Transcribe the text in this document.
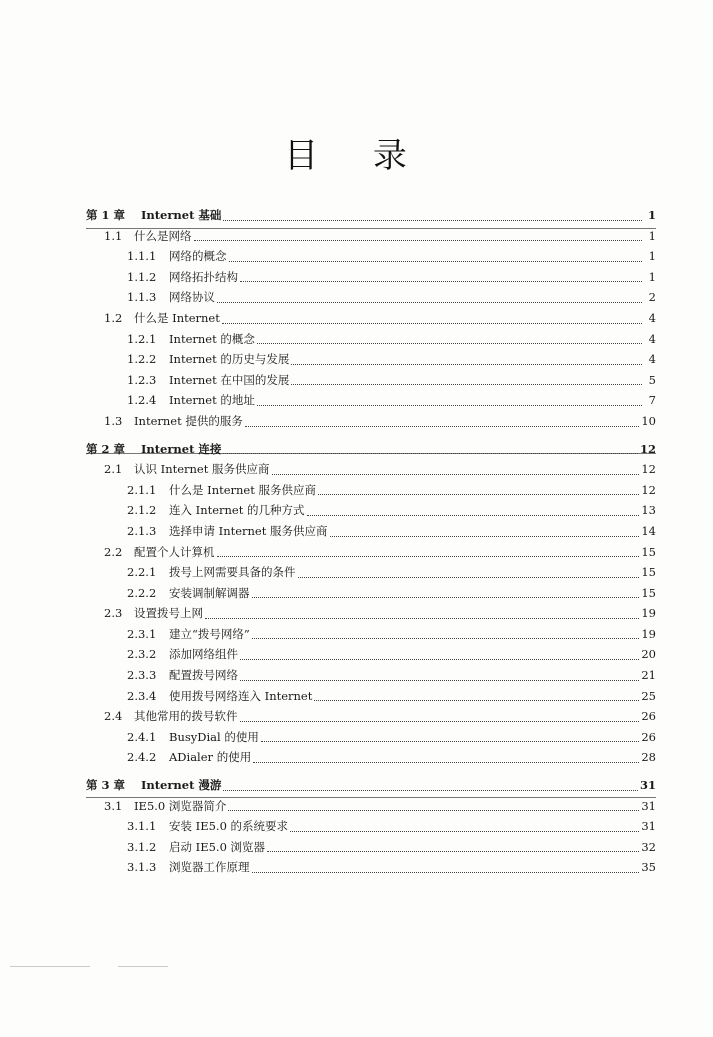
目 录
第 1 章	Internet 基础	1
1.1	什么是网络	1
1.1.1	网络的概念	1
1.1.2	网络拓扑结构	1
1.1.3	网络协议	2
1.2	什么是 Internet	4
1.2.1	Internet 的概念	4
1.2.2	Internet 的历史与发展	4
1.2.3	Internet 在中国的发展	5
1.2.4	Internet 的地址	7
1.3	Internet 提供的服务	10
第 2 章	Internet 连接	12
2.1	认识 Internet 服务供应商	12
2.1.1	什么是 Internet 服务供应商	12
2.1.2	连入 Internet 的几种方式	13
2.1.3	选择申请 Internet 服务供应商	14
2.2	配置个人计算机	15
2.2.1	拨号上网需要具备的条件	15
2.2.2	安装调制解调器	15
2.3	设置拨号上网	19
2.3.1	建立“拨号网络”	19
2.3.2	添加网络组件	20
2.3.3	配置拨号网络	21
2.3.4	使用拨号网络连入 Internet	25
2.4	其他常用的拨号软件	26
2.4.1	BusyDial 的使用	26
2.4.2	ADialer 的使用	28
第 3 章	Internet 漫游	31
3.1	IE5.0 浏览器简介	31
3.1.1	安装 IE5.0 的系统要求	31
3.1.2	启动 IE5.0 浏览器	32
3.1.3	浏览器工作原理	35
